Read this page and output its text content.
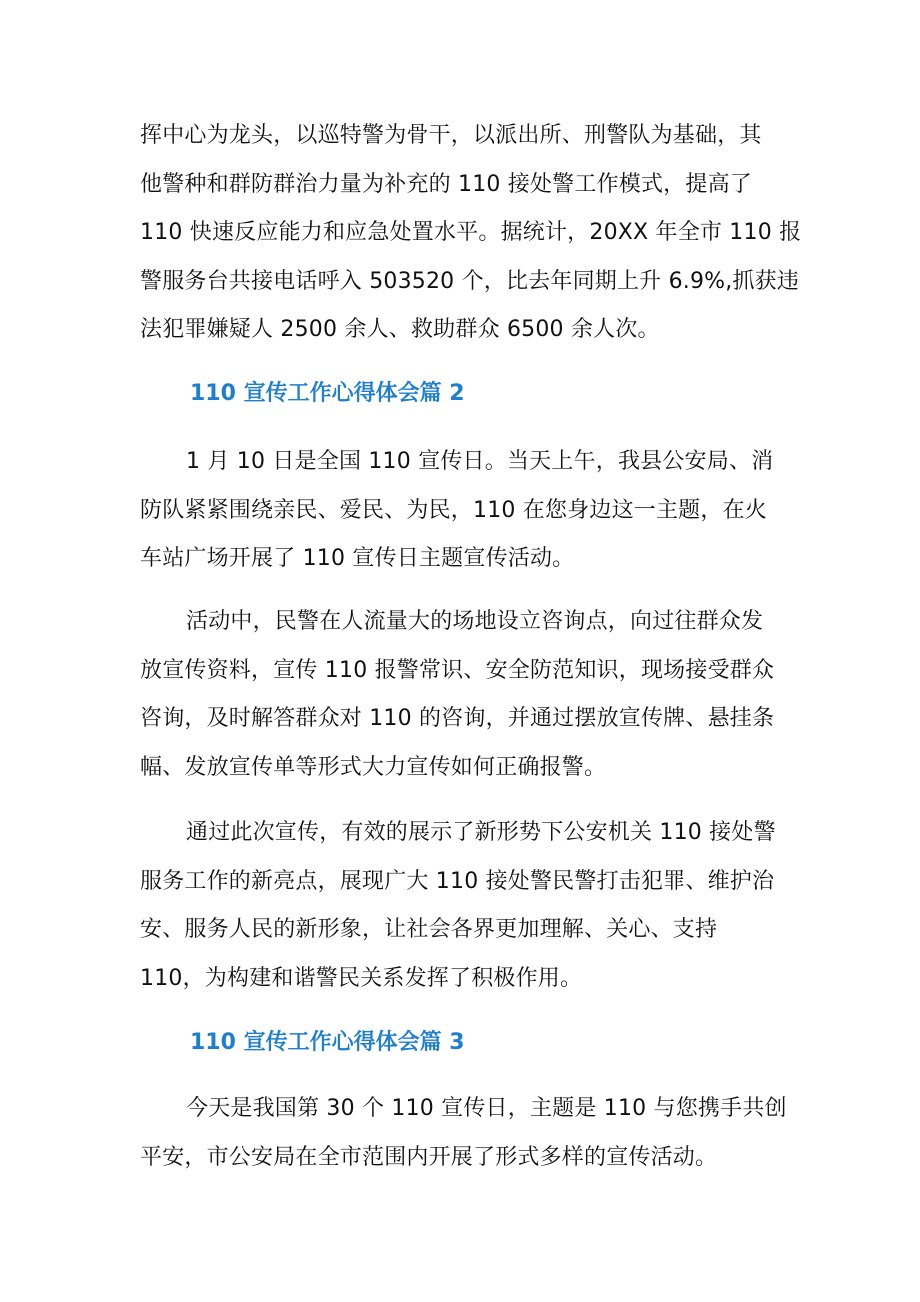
挥中心为龙头，以巡特警为骨干，以派出所、刑警队为基础，其
他警种和群防群治力量为补充的 110 接处警工作模式，提高了
110 快速反应能力和应急处置水平。据统计，20XX 年全市 110 报
警服务台共接电话呼入 503520 个，比去年同期上升 6.9%,抓获违
法犯罪嫌疑人 2500 余人、救助群众 6500 余人次。
110 宣传工作心得体会篇 2
1 月 10 日是全国 110 宣传日。当天上午，我县公安局、消
防队紧紧围绕亲民、爱民、为民，110 在您身边这一主题，在火
车站广场开展了 110 宣传日主题宣传活动。
活动中，民警在人流量大的场地设立咨询点，向过往群众发
放宣传资料，宣传 110 报警常识、安全防范知识，现场接受群众
咨询，及时解答群众对 110 的咨询，并通过摆放宣传牌、悬挂条
幅、发放宣传单等形式大力宣传如何正确报警。
通过此次宣传，有效的展示了新形势下公安机关 110 接处警
服务工作的新亮点，展现广大 110 接处警民警打击犯罪、维护治
安、服务人民的新形象，让社会各界更加理解、关心、支持
110，为构建和谐警民关系发挥了积极作用。
110 宣传工作心得体会篇 3
今天是我国第 30 个 110 宣传日，主题是 110 与您携手共创
平安，市公安局在全市范围内开展了形式多样的宣传活动。
